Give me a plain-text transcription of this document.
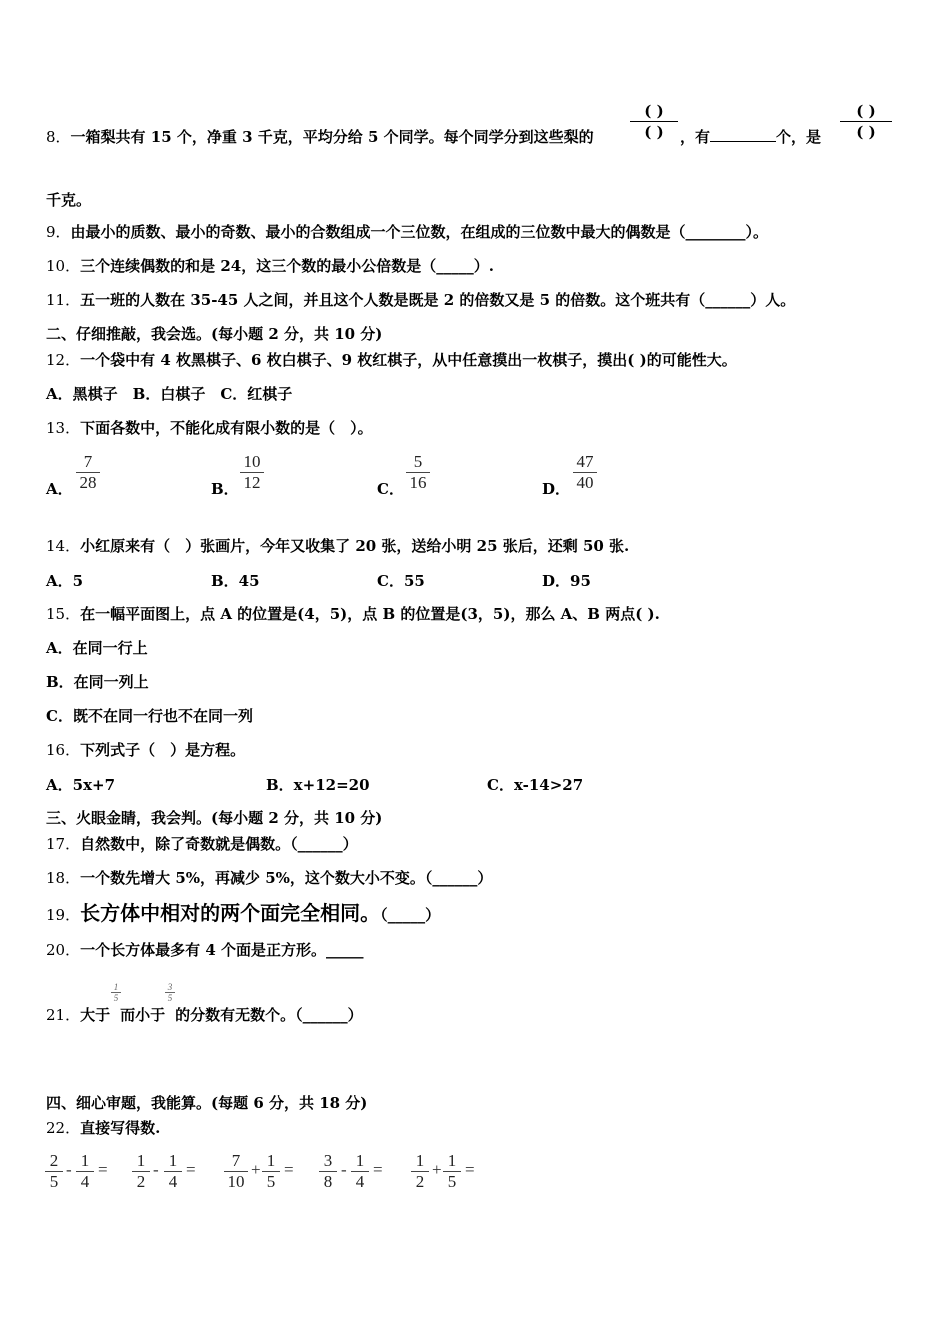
8．一箱梨共有 15 个，净重 3 千克，平均分给 5 个同学。每个同学分到这些梨的
( )
( )	，有	个，是
( )
( )
千克。
9．由最小的质数、最小的奇数、最小的合数组成一个三位数，在组成的三位数中最大的偶数是（________）。
10．三个连续偶数的和是 24，这三个数的最小公倍数是（_____）.
11．五一班的人数在 35-45 人之间，并且这个人数是既是 2 的倍数又是 5 的倍数。这个班共有（______）人。
二、仔细推敲，我会选。(每小题 2 分，共 10 分)
12．一个袋中有 4 枚黑棋子、6 枚白棋子、9 枚红棋子，从中任意摸出一枚棋子，摸出( )的可能性大。
A．黑棋子　B．白棋子　C．红棋子
13．下面各数中，不能化成有限小数的是（　）。
A．
7
28	B．
10
12	C．
5
16	D．
47
40
14．小红原来有（　）张画片，今年又收集了 20 张，送给小明 25 张后，还剩 50 张.
A．5	B．45	C．55	D．95
15．在一幅平面图上，点 A 的位置是(4，5)，点 B 的位置是(3，5)，那么 A、B 两点( ).
A．在同一行上
B．在同一列上
C．既不在同一行也不在同一列
16．下列式子（　）是方程。
A．5x+7	B．x+12=20	C．x-14>27
三、火眼金睛，我会判。(每小题 2 分，共 10 分)
17．自然数中，除了奇数就是偶数。（______）
18．一个数先增大 5%，再减少 5%，这个数大小不变。（______）
19．长方体中相对的两个面完全相同。（_____）
20．一个长方体最多有 4 个面是正方形。_____
21．大于 而小于 的分数有无数个。（______）
1
5
3
5
四、细心审题，我能算。(每题 6 分，共 18 分)
22．直接写得数.
2
5
- 1
4
= 1
2
- 1
4
=	7
10
+ 1
5
= 3
8
- 1
4
= 1
2
+ 1
5
=
